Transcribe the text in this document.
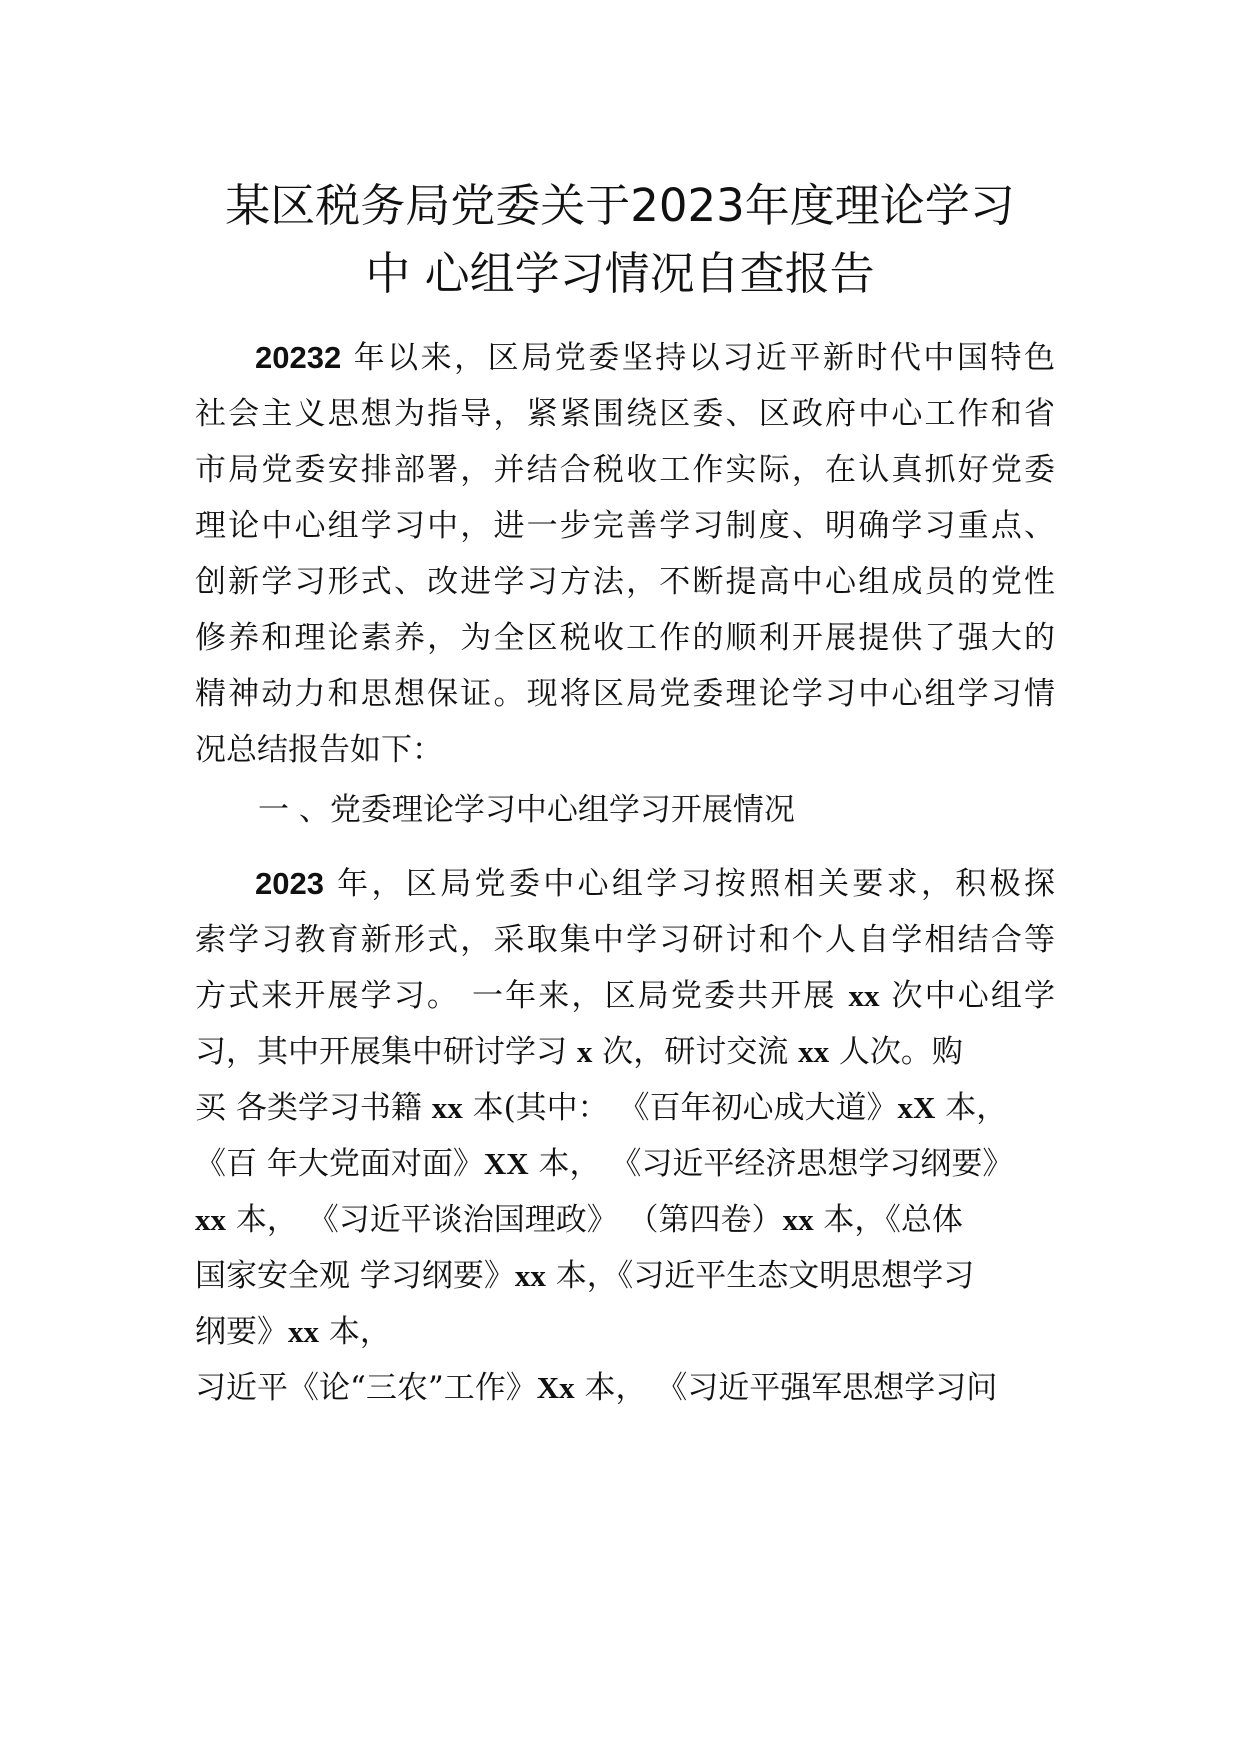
某区税务局党委关于2023年度理论学习
中 心组学习情况自查报告

20232 年以来，区局党委坚持以习近平新时代中国特色

社会主义思想为指导，紧紧围绕区委、区政府中心工作和省

市局党委安排部署，并结合税收工作实际，在认真抓好党委

理论中心组学习中，进一步完善学习制度、明确学习重点、

创新学习形式、改进学习方法，不断提高中心组成员的党性

修养和理论素养，为全区税收工作的顺利开展提供了强大的

精神动力和思想保证。现将区局党委理论学习中心组学习情

况总结报告如下：

一 、党委理论学习中心组学习开展情况

2023 年，区局党委中心组学习按照相关要求，积极探

索学习教育新形式，采取集中学习研讨和个人自学相结合等

方式来开展学习。 一年来，区局党委共开展 xx 次中心组学

习，其中开展集中研讨学习 x 次，研讨交流 xx 人次。购

买 各类学习书籍 xx 本(其中： 《百年初心成大道》xX 本，

《百 年大党面对面》XX 本， 《习近平经济思想学习纲要》

xx 本， 《习近平谈治国理政》 （第四卷）xx 本，《总体

国家安全观 学习纲要》xx 本，《习近平生态文明思想学习

纲要》xx 本，

习近平《论“三农”工作》Xx 本， 《习近平强军思想学习问
